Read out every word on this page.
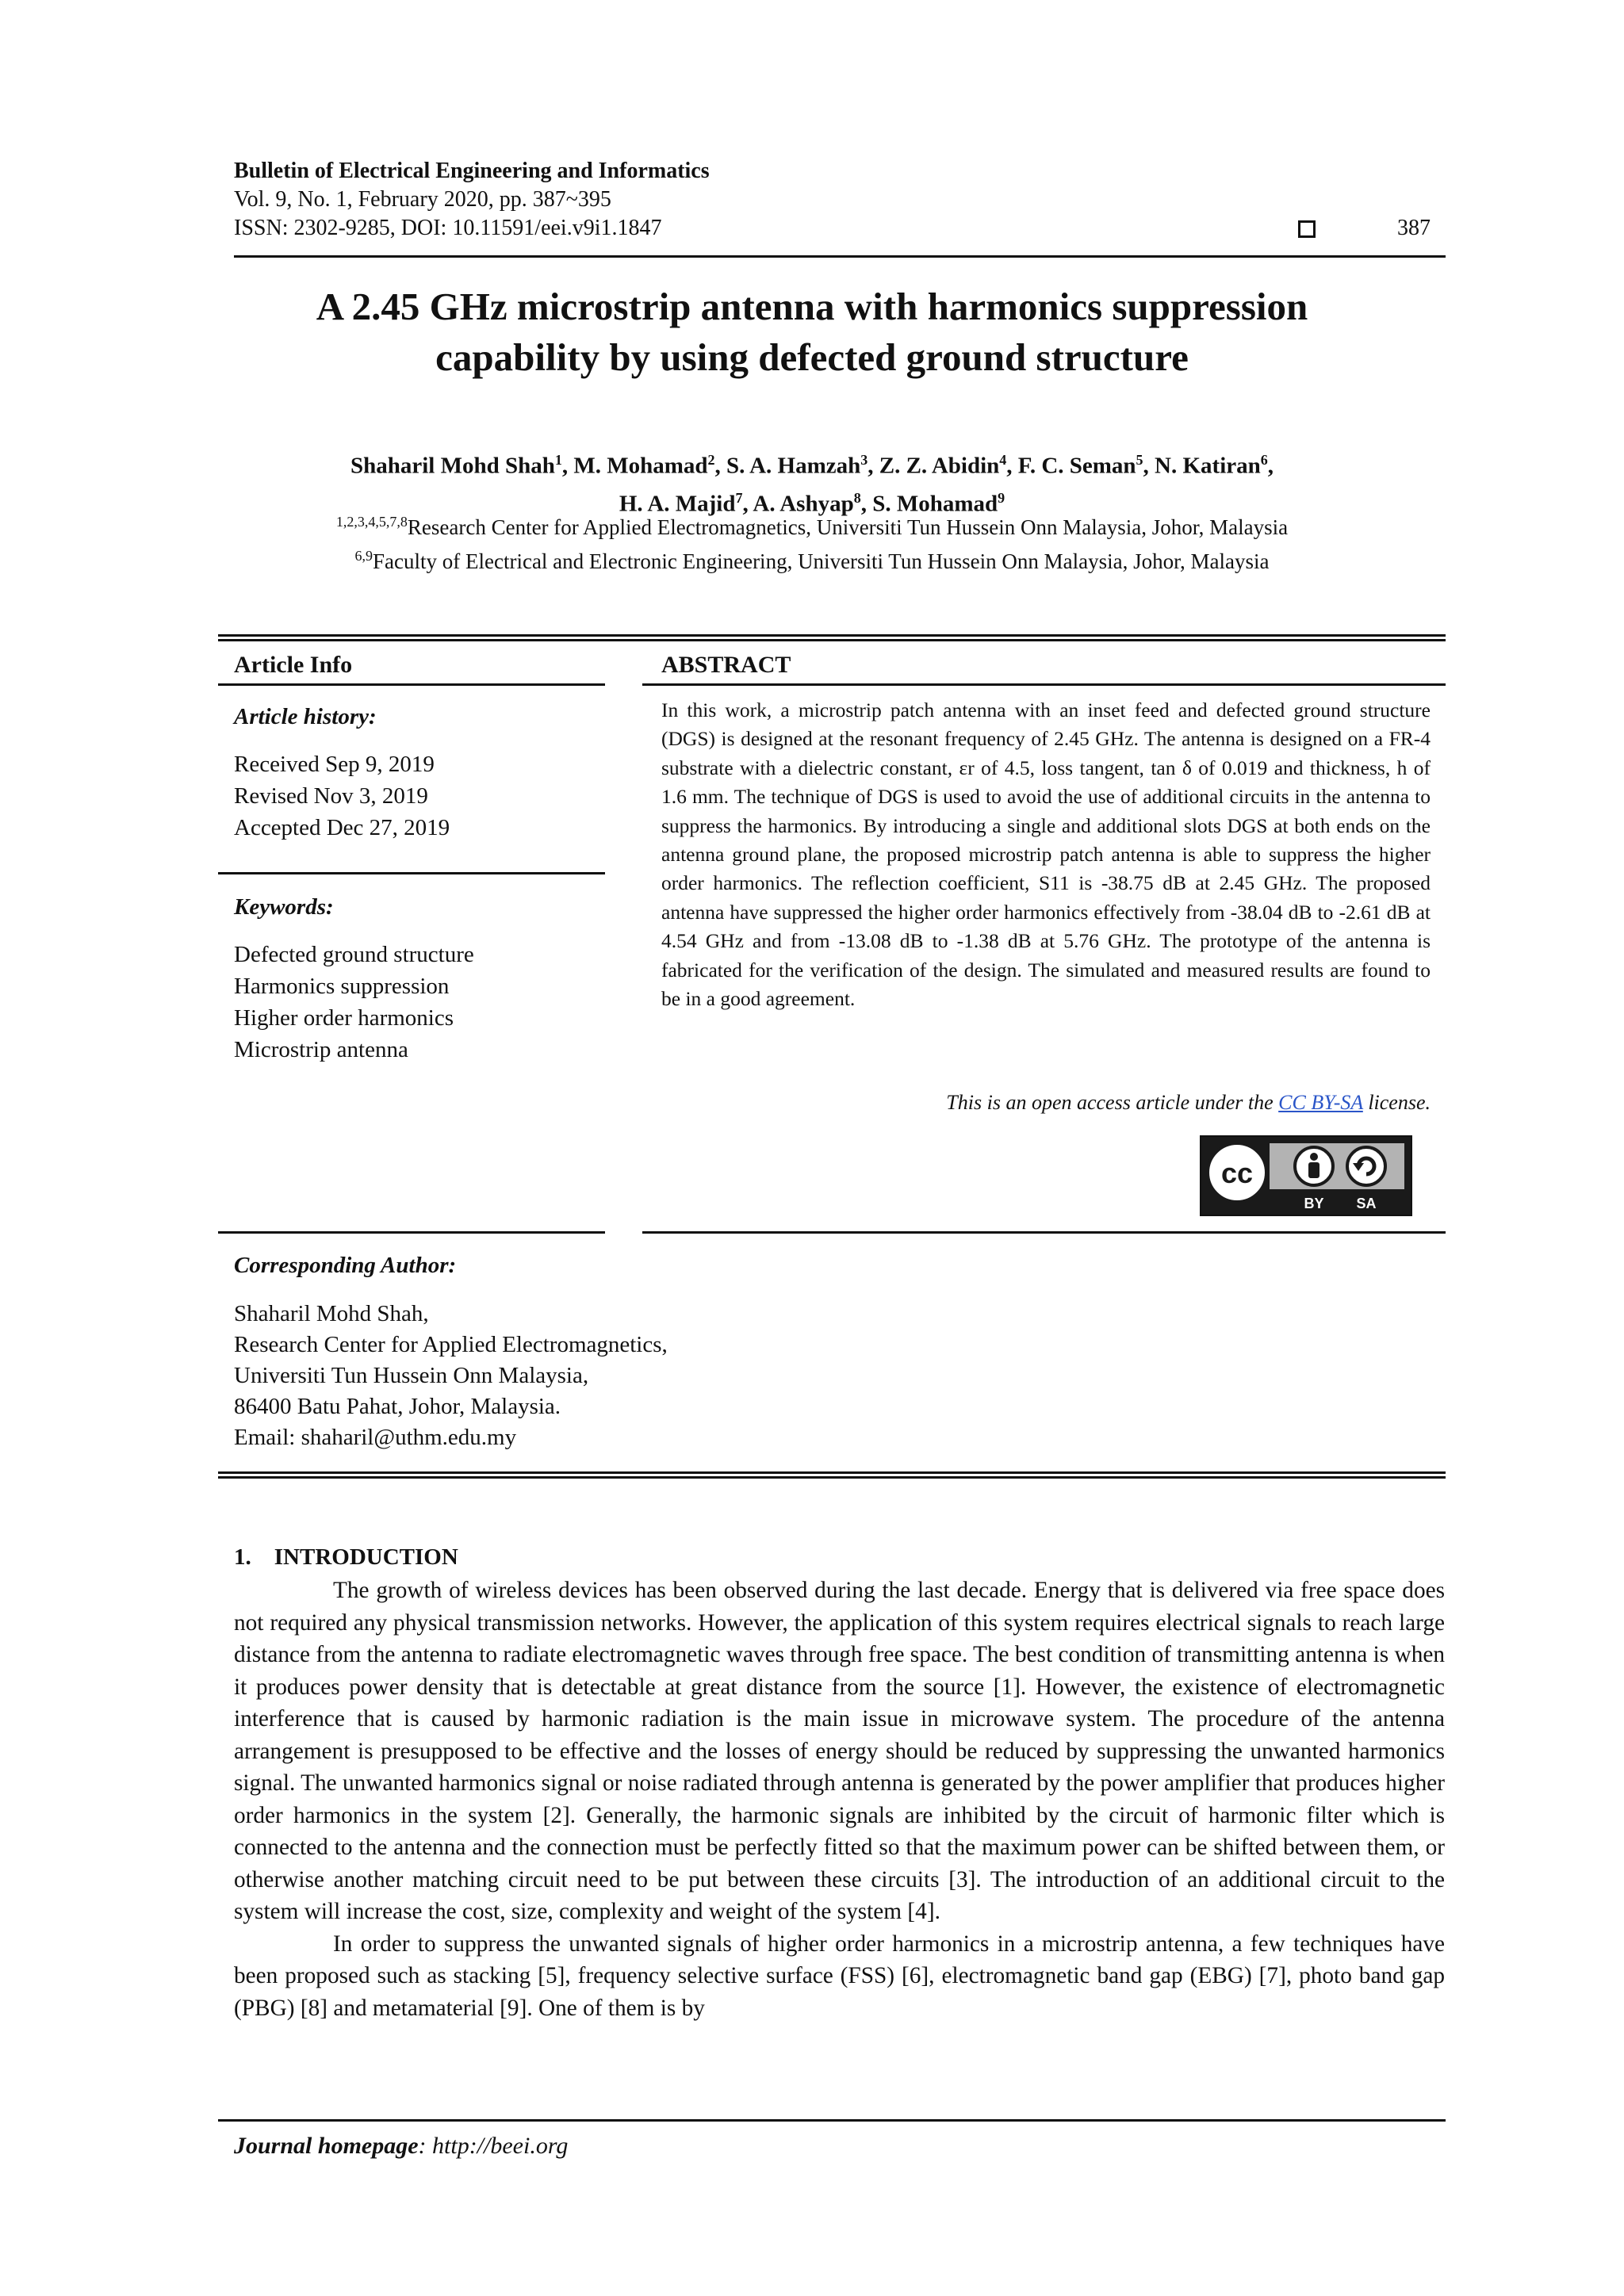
Bulletin of Electrical Engineering and Informatics
Vol. 9, No. 1, February 2020, pp. 387~395
ISSN: 2302-9285, DOI: 10.11591/eei.v9i1.1847	387
A 2.45 GHz microstrip antenna with harmonics suppression
capability by using defected ground structure
Shaharil Mohd Shah$^1$, M. Mohamad$^2$, S. A. Hamzah$^3$, Z. Z. Abidin$^4$, F. C. Seman$^5$, N. Katiran$^6$,
H. A. Majid$^7$, A. Ashyap$^8$, S. Mohamad$^9$
$^{1,2,3,4,5,7,8}$Research Center for Applied Electromagnetics, Universiti Tun Hussein Onn Malaysia, Johor, Malaysia
$^{6,9}$Faculty of Electrical and Electronic Engineering, Universiti Tun Hussein Onn Malaysia, Johor, Malaysia
Article Info
Article history:
Received Sep 9, 2019
Revised Nov 3, 2019
Accepted Dec 27, 2019
Keywords:
Defected ground structure
Harmonics suppression
Higher order harmonics
Microstrip antenna
ABSTRACT

In this work, a microstrip patch antenna with an inset feed and defected ground structure (DGS) is designed at the resonant frequency of 2.45 GHz. The antenna is designed on a FR-4 substrate with a dielectric constant, εr of 4.5, loss tangent, tan δ of 0.019 and thickness, h of 1.6 mm. The technique of DGS is used to avoid the use of additional circuits in the antenna to suppress the harmonics. By introducing a single and additional slots DGS at both ends on the antenna ground plane, the proposed microstrip patch antenna is able to suppress the higher order harmonics. The reflection coefficient, S11 is -38.75 dB at 2.45 GHz. The proposed antenna have suppressed the higher order harmonics effectively from -38.04 dB to -2.61 dB at 4.54 GHz and from -13.08 dB to -1.38 dB at 5.76 GHz. The prototype of the antenna is fabricated for the verification of the design. The simulated and measured results are found to be in a good agreement.

This is an open access article under the CC BY-SA license.
cc
BY SA
Corresponding Author:
Shaharil Mohd Shah,
Research Center for Applied Electromagnetics,
Universiti Tun Hussein Onn Malaysia,
86400 Batu Pahat, Johor, Malaysia.
Email: shaharil@uthm.edu.my
1.    INTRODUCTION

The growth of wireless devices has been observed during the last decade. Energy that is delivered via free space does not required any physical transmission networks. However, the application of this system requires electrical signals to reach large distance from the antenna to radiate electromagnetic waves through free space. The best condition of transmitting antenna is when it produces power density that is detectable at great distance from the source [1]. However, the existence of electromagnetic interference that is caused by harmonic radiation is the main issue in microwave system. The procedure of the antenna arrangement is presupposed to be effective and the losses of energy should be reduced by suppressing the unwanted harmonics signal. The unwanted harmonics signal or noise radiated through antenna is generated by the power amplifier that produces higher order harmonics in the system [2]. Generally, the harmonic signals are inhibited by the circuit of harmonic filter which is connected to the antenna and the connection must be perfectly fitted so that the maximum power can be shifted between them, or otherwise another matching circuit need to be put between these circuits [3]. The introduction of an additional circuit to the system will increase the cost, size, complexity and weight of the system [4].

In order to suppress the unwanted signals of higher order harmonics in a microstrip antenna, a few techniques have been proposed such as stacking [5], frequency selective surface (FSS) [6], electromagnetic band gap (EBG) [7], photo band gap (PBG) [8] and metamaterial [9]. One of them is by

Journal homepage: http://beei.org
